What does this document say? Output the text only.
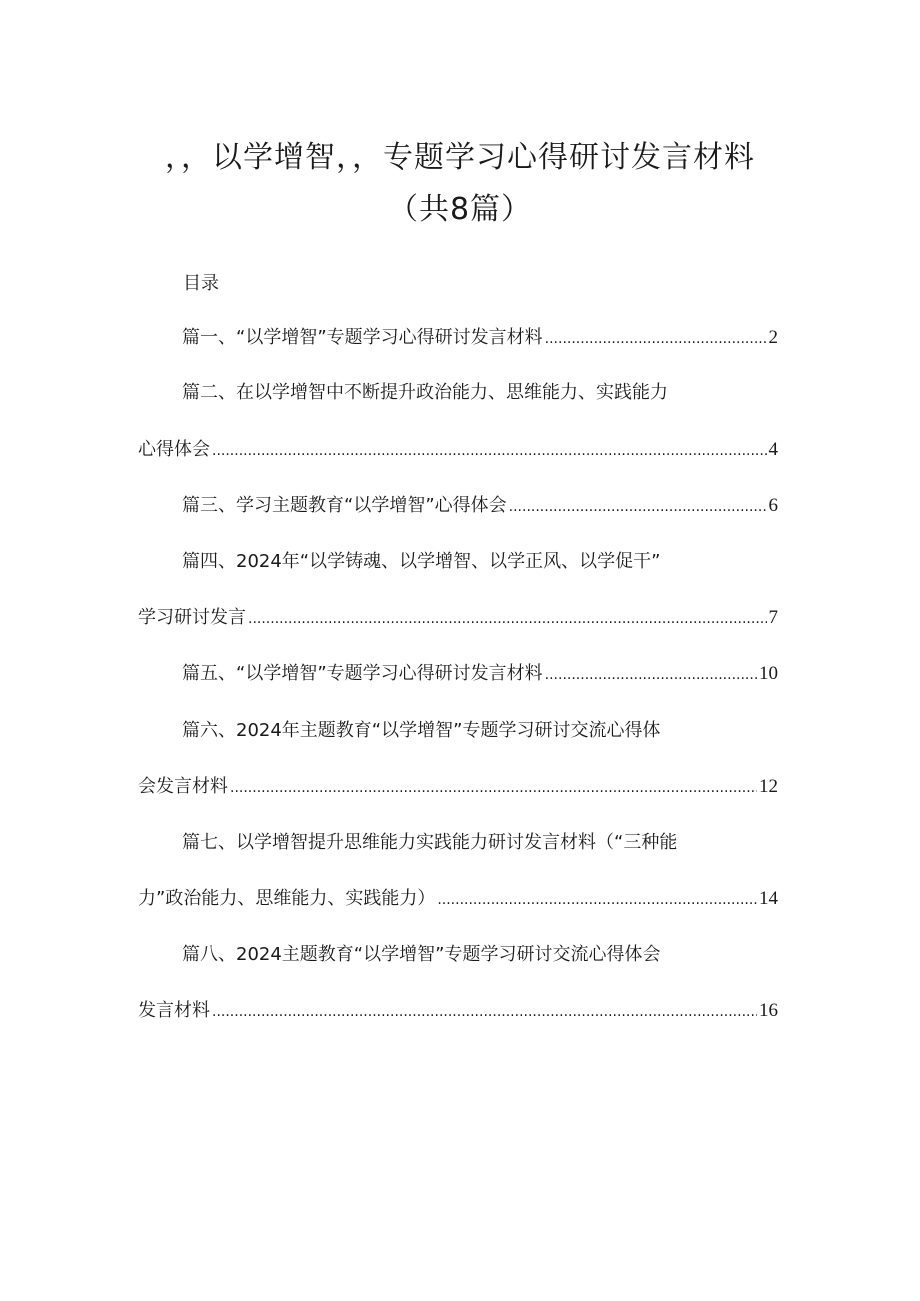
，，以学增智，，专题学习心得研讨发言材料
（共8篇）
目录
篇一、“以学增智”专题学习心得研讨发言材料 .....	2
篇二、在以学增智中不断提升政治能力、思维能力、实践能力
心得体会 .....	4
篇三、学习主题教育“以学增智”心得体会 .....	6
篇四、2024年“以学铸魂、以学增智、以学正风、以学促干”
学习研讨发言 .....	7
篇五、“以学增智”专题学习心得研讨发言材料 .....	10
篇六、2024年主题教育“以学增智”专题学习研讨交流心得体
会发言材料 .....	12
篇七、以学增智提升思维能力实践能力研讨发言材料（“三种能
力”政治能力、思维能力、实践能力） .....	14
篇八、2024主题教育“以学增智”专题学习研讨交流心得体会
发言材料 .....	16
